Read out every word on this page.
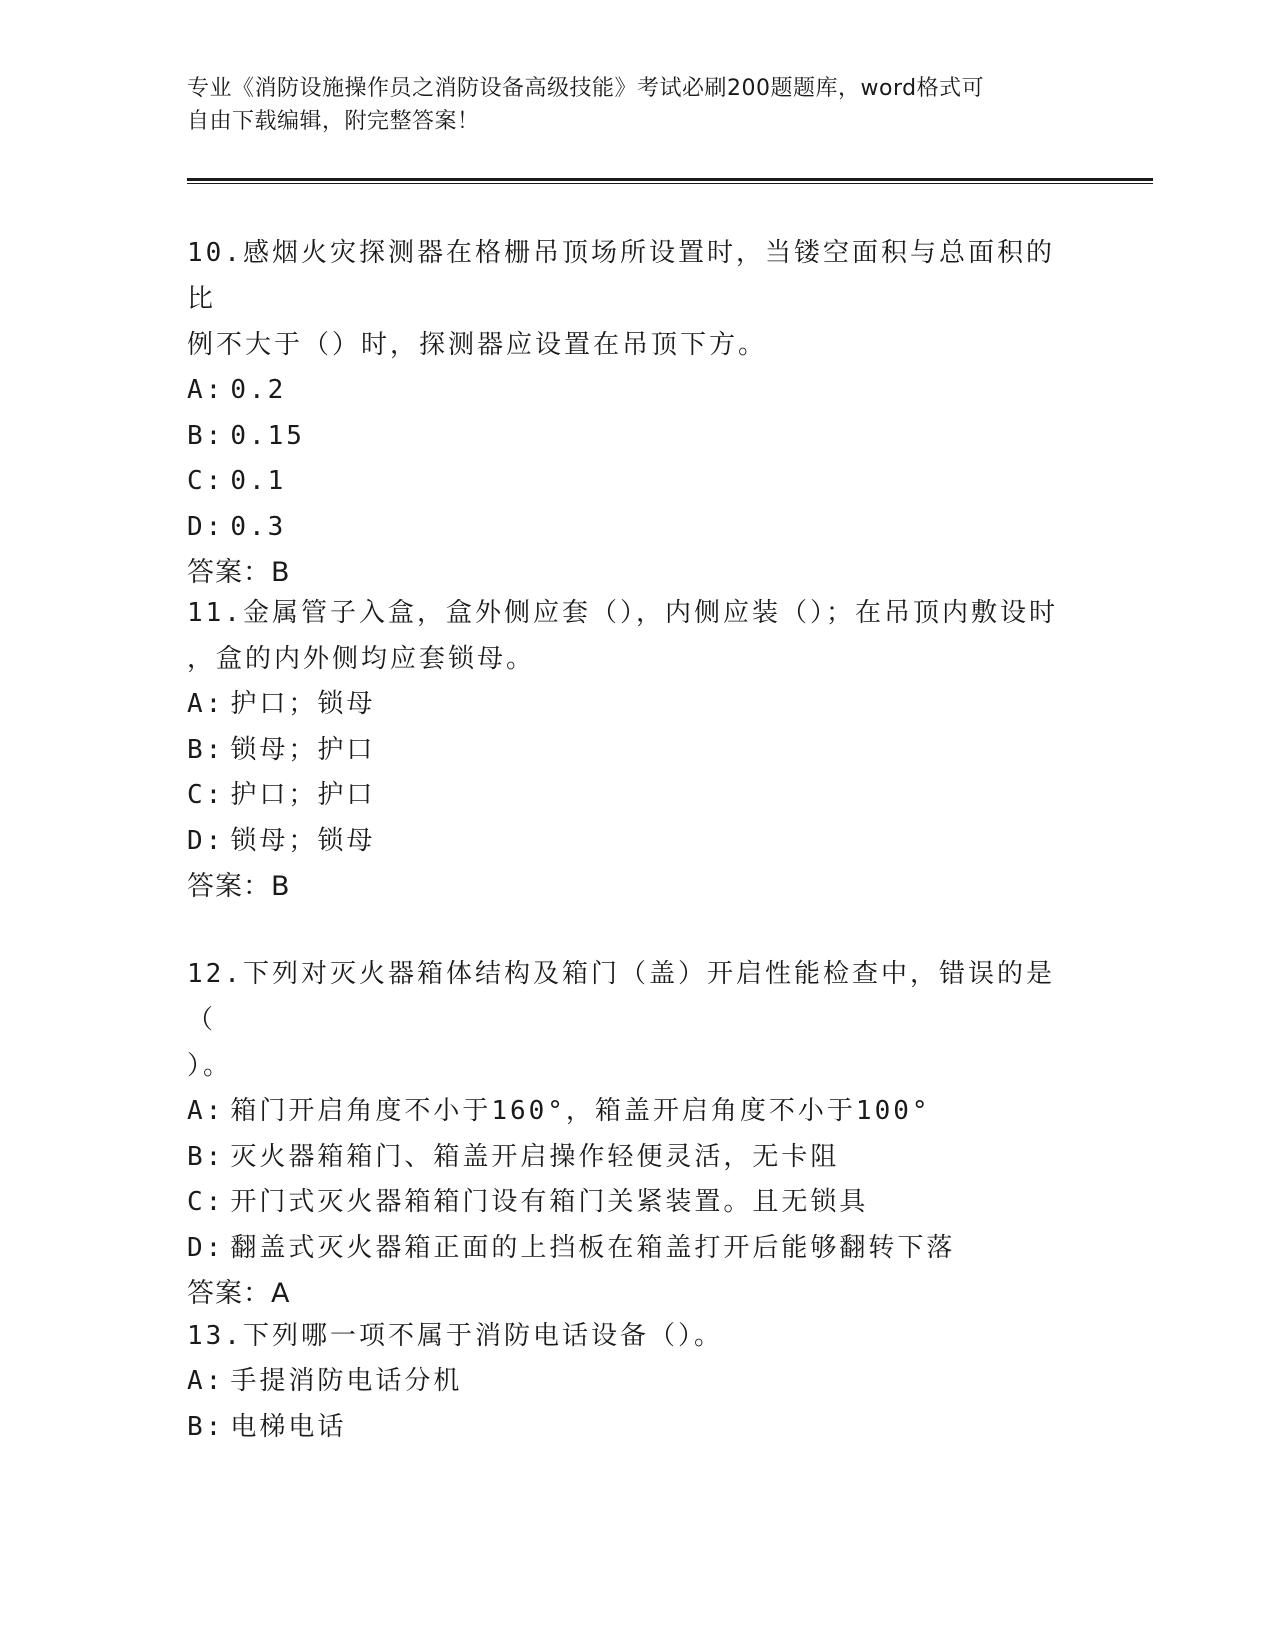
专业《消防设施操作员之消防设备高级技能》考试必刷200题题库，word格式可
自由下载编辑，附完整答案！

10.感烟火灾探测器在格栅吊顶场所设置时，当镂空面积与总面积的比

例不大于（）时，探测器应设置在吊顶下方。

A: 0.2

B: 0.15

C: 0.1

D: 0.3

答案：B

11.金属管子入盒，盒外侧应套（），内侧应装（）；在吊顶内敷设时

，盒的内外侧均应套锁母。

A: 护口；锁母

B: 锁母；护口

C: 护口；护口

D: 锁母；锁母

答案：B

12.下列对灭火器箱体结构及箱门（盖）开启性能检查中，错误的是（

）。

A: 箱门开启角度不小于160°，箱盖开启角度不小于100°

B: 灭火器箱箱门、箱盖开启操作轻便灵活，无卡阻

C: 开门式灭火器箱箱门设有箱门关紧装置。且无锁具

D: 翻盖式灭火器箱正面的上挡板在箱盖打开后能够翻转下落

答案：A

13.下列哪一项不属于消防电话设备（）。

A: 手提消防电话分机

B: 电梯电话
